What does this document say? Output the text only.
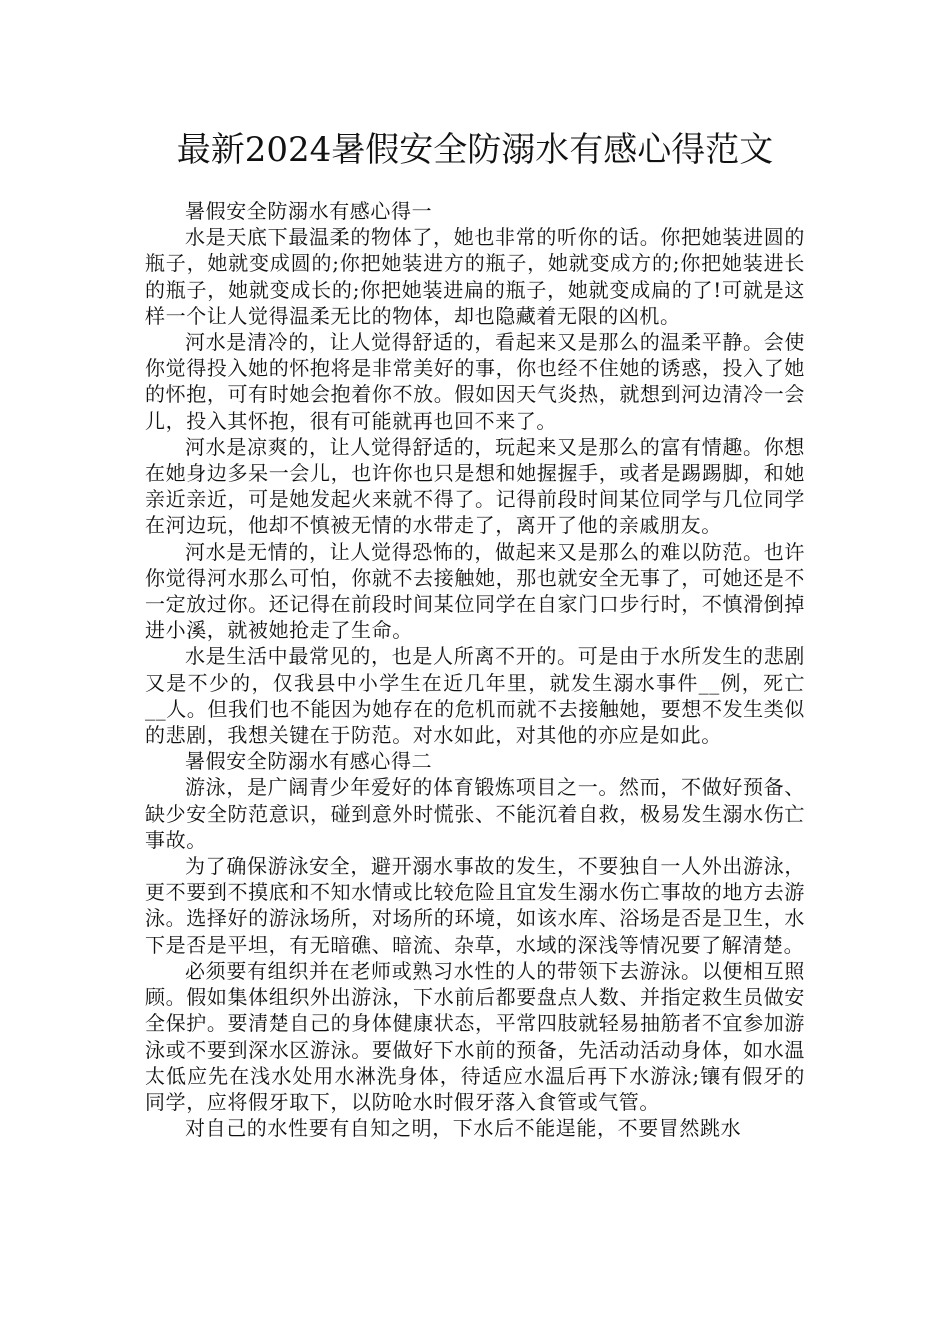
最新2024暑假安全防溺水有感心得范文

暑假安全防溺水有感心得一

水是天底下最温柔的物体了，她也非常的听你的话。你把她装进圆的瓶子，她就变成圆的;你把她装进方的瓶子，她就变成方的;你把她装进长的瓶子，她就变成长的;你把她装进扁的瓶子，她就变成扁的了!可就是这样一个让人觉得温柔无比的物体，却也隐藏着无限的凶机。

河水是清冷的，让人觉得舒适的，看起来又是那么的温柔平静。会使你觉得投入她的怀抱将是非常美好的事，你也经不住她的诱惑，投入了她的怀抱，可有时她会抱着你不放。假如因天气炎热，就想到河边清冷一会儿，投入其怀抱，很有可能就再也回不来了。

河水是凉爽的，让人觉得舒适的，玩起来又是那么的富有情趣。你想在她身边多呆一会儿，也许你也只是想和她握握手，或者是踢踢脚，和她亲近亲近，可是她发起火来就不得了。记得前段时间某位同学与几位同学在河边玩，他却不慎被无情的水带走了，离开了他的亲戚朋友。

河水是无情的，让人觉得恐怖的，做起来又是那么的难以防范。也许你觉得河水那么可怕，你就不去接触她，那也就安全无事了，可她还是不一定放过你。还记得在前段时间某位同学在自家门口步行时，不慎滑倒掉进小溪，就被她抢走了生命。

水是生活中最常见的，也是人所离不开的。可是由于水所发生的悲剧又是不少的，仅我县中小学生在近几年里，就发生溺水事件__例，死亡__人。但我们也不能因为她存在的危机而就不去接触她，要想不发生类似的悲剧，我想关键在于防范。对水如此，对其他的亦应是如此。

暑假安全防溺水有感心得二

游泳，是广阔青少年爱好的体育锻炼项目之一。然而，不做好预备、缺少安全防范意识，碰到意外时慌张、不能沉着自救，极易发生溺水伤亡事故。

为了确保游泳安全，避开溺水事故的发生，不要独自一人外出游泳，更不要到不摸底和不知水情或比较危险且宜发生溺水伤亡事故的地方去游泳。选择好的游泳场所，对场所的环境，如该水库、浴场是否是卫生，水下是否是平坦，有无暗礁、暗流、杂草，水域的深浅等情况要了解清楚。

必须要有组织并在老师或熟习水性的人的带领下去游泳。以便相互照顾。假如集体组织外出游泳，下水前后都要盘点人数、并指定救生员做安全保护。要清楚自己的身体健康状态，平常四肢就轻易抽筋者不宜参加游泳或不要到深水区游泳。要做好下水前的预备，先活动活动身体，如水温太低应先在浅水处用水淋洗身体，待适应水温后再下水游泳;镶有假牙的同学，应将假牙取下，以防呛水时假牙落入食管或气管。

对自己的水性要有自知之明，下水后不能逞能，不要冒然跳水
